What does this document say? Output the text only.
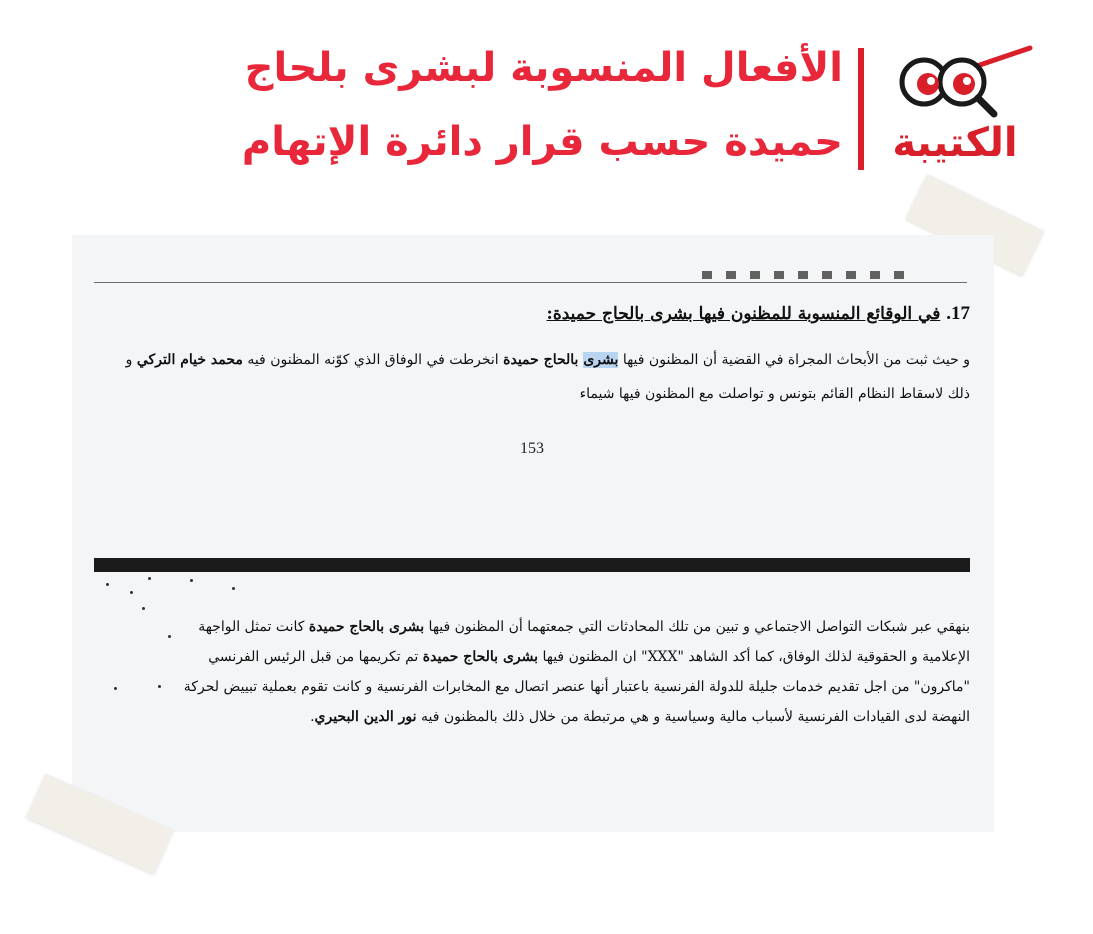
الكتيبة
الأفعال المنسوبة لبشرى بلحاج
حميدة حسب قرار دائرة الإتهام
17. في الوقائع المنسوبة للمظنون فيها بشرى بالحاج حميدة:
و حيث ثبت من الأبحاث المجراة في القضية أن المظنون فيها بشرى بالحاج حميدة انخرطت في الوفاق الذي كوّنه المظنون فيه محمد خيام التركي و ذلك لاسقاط النظام القائم بتونس و تواصلت مع المظنون فيها شيماء
153
بنهقي عبر شبكات التواصل الاجتماعي و تبين من تلك المحادثات التي جمعتهما أن المظنون فيها بشرى بالحاج حميدة كانت تمثل الواجهة الإعلامية و الحقوقية لذلك الوفاق، كما أكد الشاهد "XXX" ان المظنون فيها بشرى بالحاج حميدة تم تكريمها من قبل الرئيس الفرنسي "ماكرون" من اجل تقديم خدمات جليلة للدولة الفرنسية باعتبار أنها عنصر اتصال مع المخابرات الفرنسية و كانت تقوم بعملية تبييض لحركة النهضة لدى القيادات الفرنسية لأسباب مالية وسياسية و هي مرتبطة من خلال ذلك بالمظنون فيه نور الدين البحيري.
